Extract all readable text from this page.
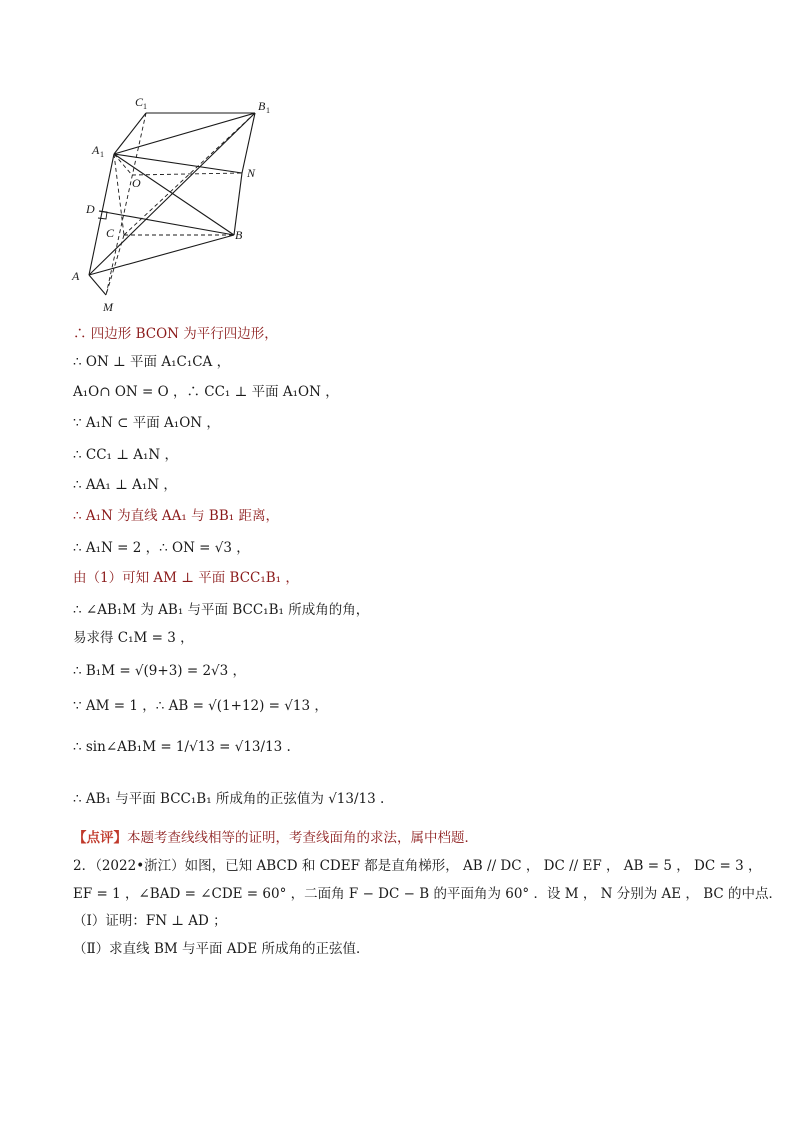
C 1	B 1
A 1
O
N
D
C	B
A
M
∴ 四边形 BCON 为平行四边形，
∴ ON ⊥ 平面 A₁C₁CA ，
A₁O∩ ON = O ，∴ CC₁ ⊥ 平面 A₁ON ，
∵ A₁N ⊂ 平面 A₁ON ，
∴ CC₁ ⊥ A₁N ，
∴ AA₁ ⊥ A₁N ，
∴ A₁N 为直线 AA₁ 与 BB₁ 距离，
∴ A₁N = 2 ，∴ ON = √3 ，
由（1）可知 AM ⊥ 平面 BCC₁B₁ ，
∴ ∠AB₁M 为 AB₁ 与平面 BCC₁B₁ 所成角的角，
易求得 C₁M = 3 ，
∴ B₁M = √(9+3) = 2√3 ，
∵ AM = 1 ，∴ AB = √(1+12) = √13 ，
∴ sin∠AB₁M = 1/√13 = √13/13 .
∴ AB₁ 与平面 BCC₁B₁ 所成角的正弦值为 √13/13 .
【点评】本题考查线线相等的证明，考查线面角的求法，属中档题．
2．（2022•浙江）如图，已知 ABCD 和 CDEF 都是直角梯形， AB // DC ， DC // EF ， AB = 5 ， DC = 3 ，
EF = 1 ，∠BAD = ∠CDE = 60° ，二面角 F − DC − B 的平面角为 60° ．设 M ， N 分别为 AE ， BC 的中点．
（Ⅰ）证明：FN ⊥ AD ；
（Ⅱ）求直线 BM 与平面 ADE 所成角的正弦值．
